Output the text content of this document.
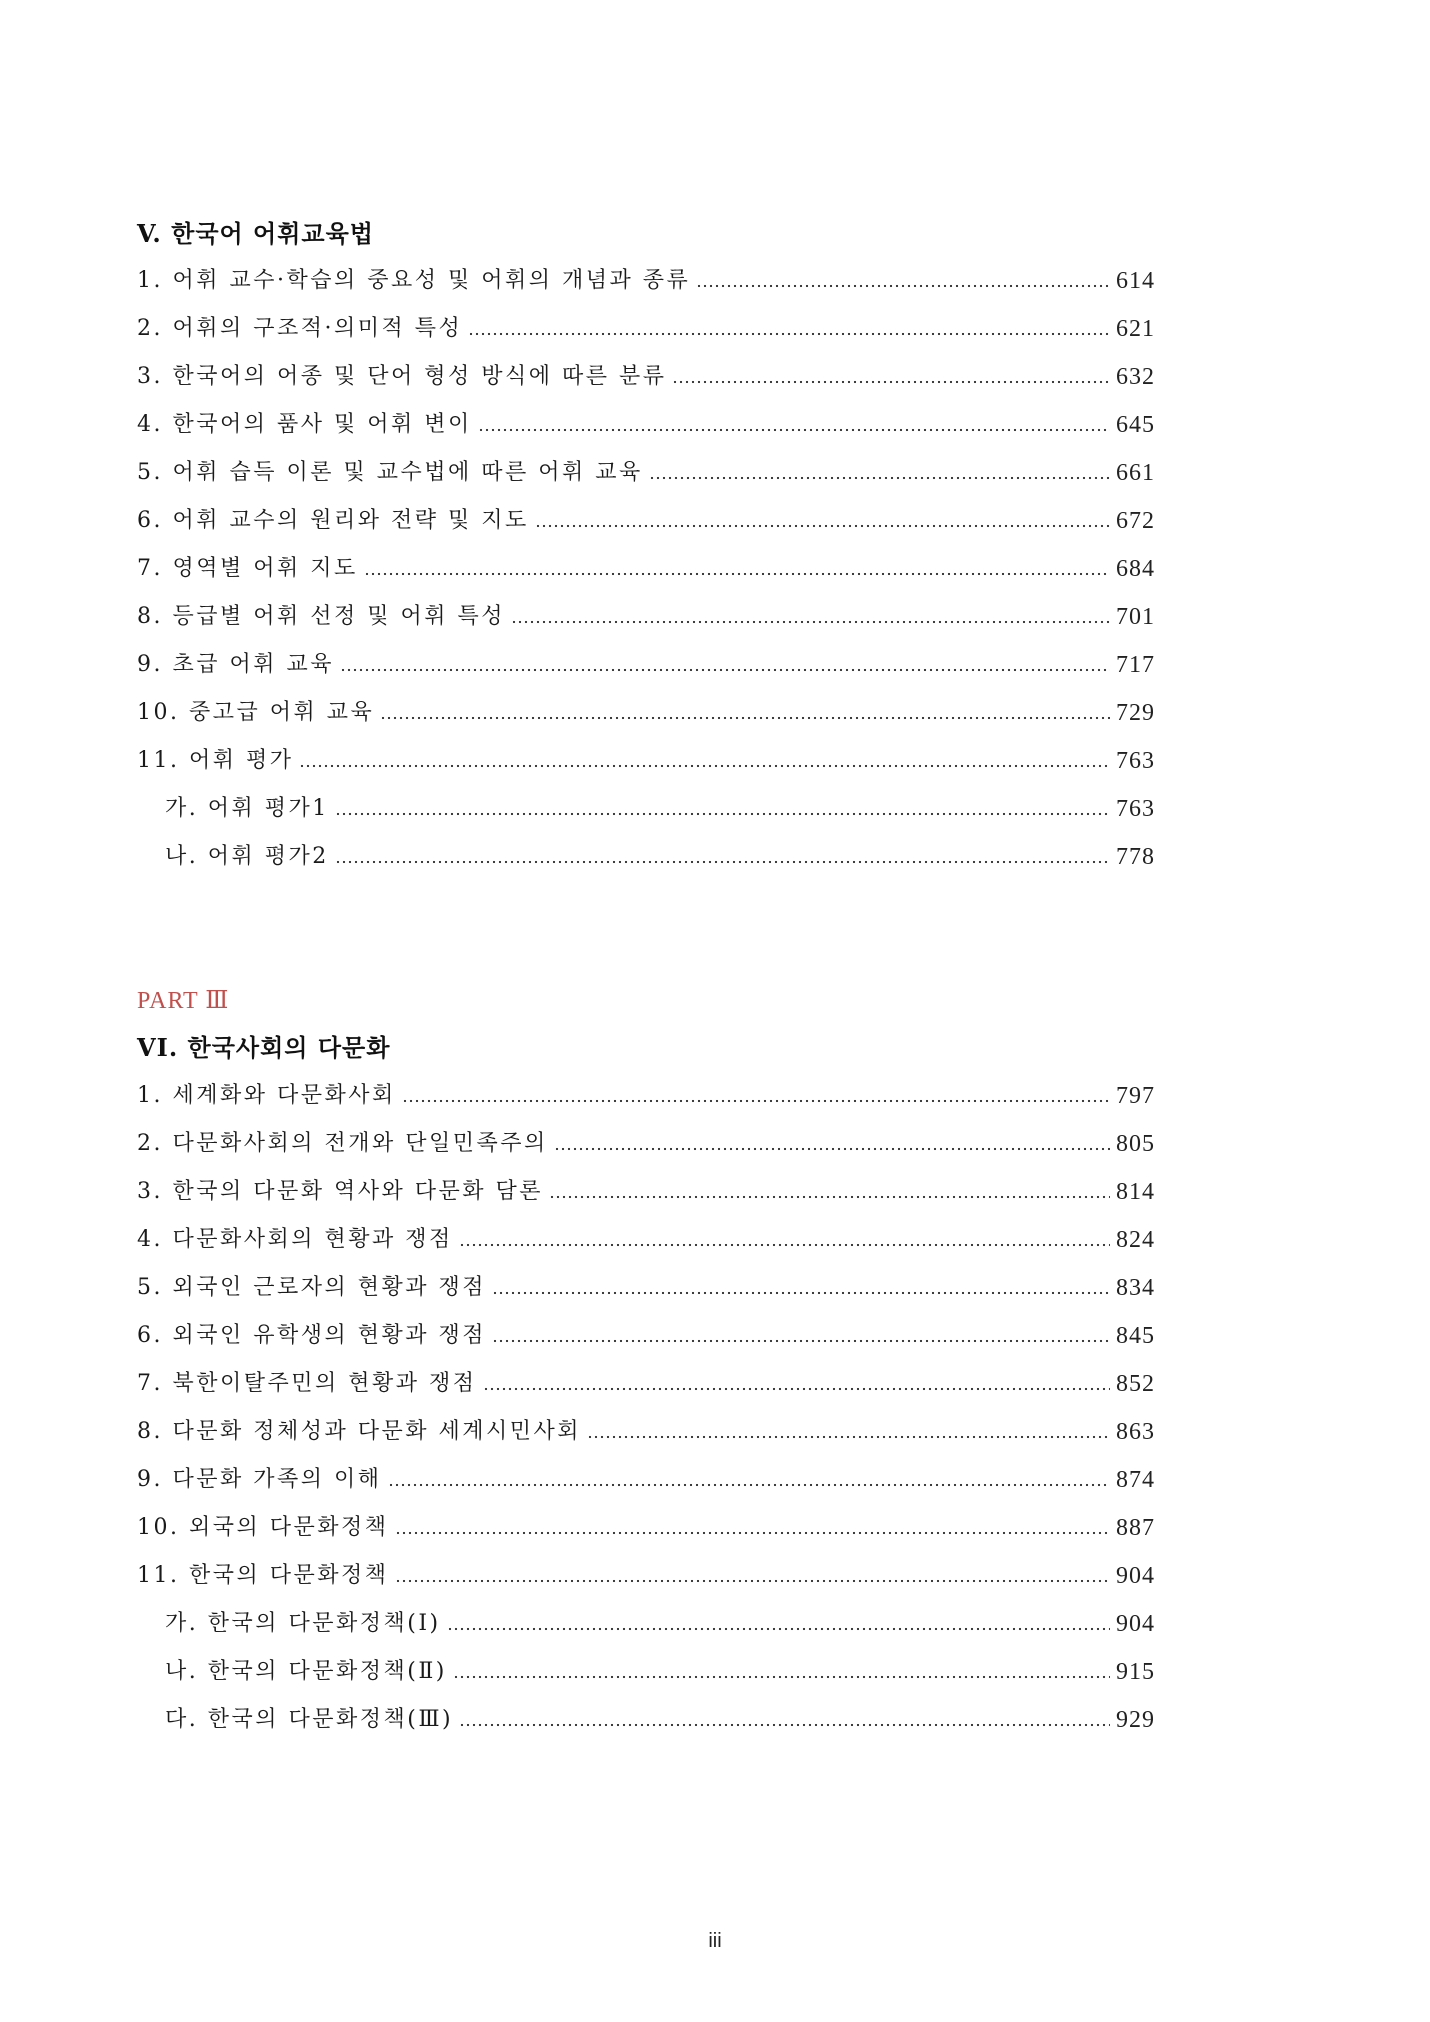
V. 한국어 어휘교육법
1. 어휘 교수·학습의 중요성 및 어휘의 개념과 종류	614
2. 어휘의 구조적·의미적 특성	621
3. 한국어의 어종 및 단어 형성 방식에 따른 분류	632
4. 한국어의 품사 및 어휘 변이	645
5. 어휘 습득 이론 및 교수법에 따른 어휘 교육	661
6. 어휘 교수의 원리와 전략 및 지도	672
7. 영역별 어휘 지도	684
8. 등급별 어휘 선정 및 어휘 특성	701
9. 초급 어휘 교육	717
10. 중고급 어휘 교육	729
11. 어휘 평가	763
가. 어휘 평가1	763
나. 어휘 평가2	778
PART Ⅲ
VI. 한국사회의 다문화
1. 세계화와 다문화사회	797
2. 다문화사회의 전개와 단일민족주의	805
3. 한국의 다문화 역사와 다문화 담론	814
4. 다문화사회의 현황과 쟁점	824
5. 외국인 근로자의 현황과 쟁점	834
6. 외국인 유학생의 현황과 쟁점	845
7. 북한이탈주민의 현황과 쟁점	852
8. 다문화 정체성과 다문화 세계시민사회	863
9. 다문화 가족의 이해	874
10. 외국의 다문화정책	887
11. 한국의 다문화정책	904
가. 한국의 다문화정책(Ⅰ)	904
나. 한국의 다문화정책(Ⅱ)	915
다. 한국의 다문화정책(Ⅲ)	929
iii
